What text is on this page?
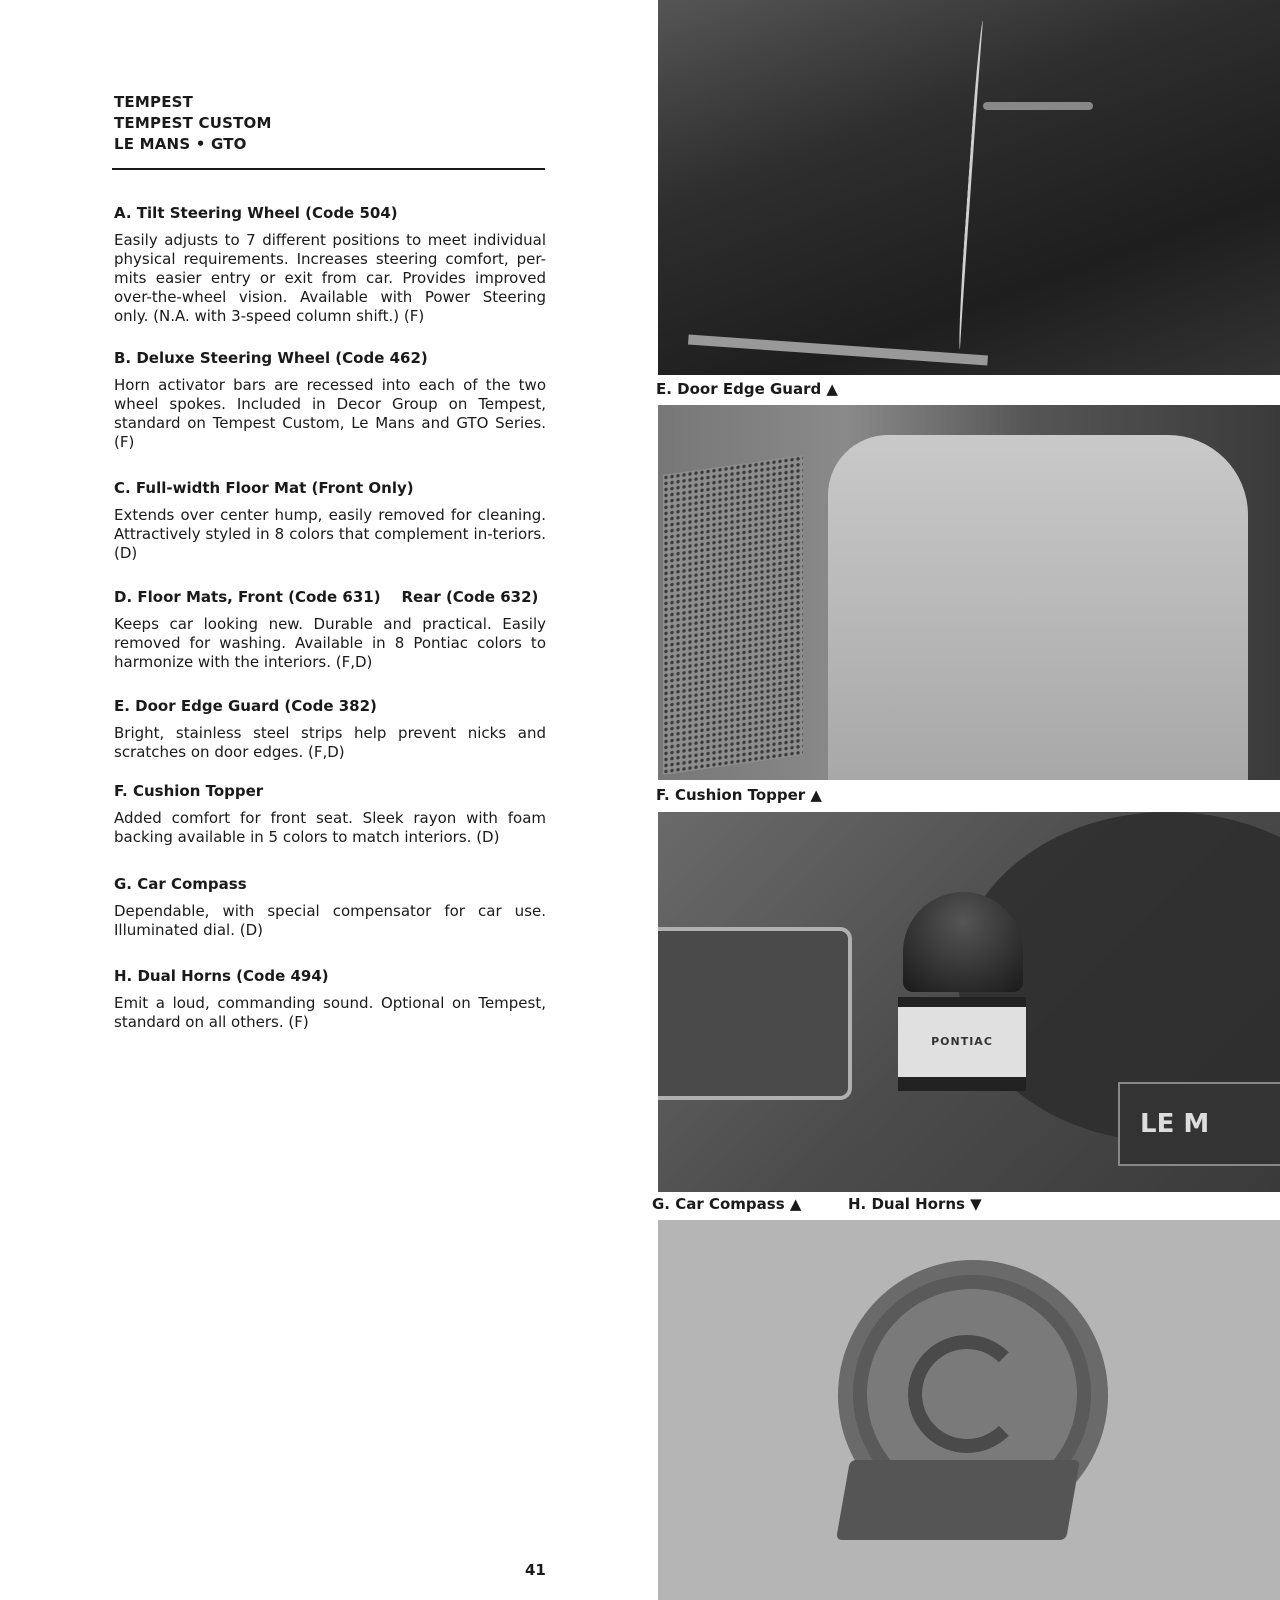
TEMPEST
TEMPEST CUSTOM
LE MANS • GTO
A. Tilt Steering Wheel (Code 504)

Easily adjusts to 7 different positions to meet individual physical requirements. Increases steering comfort, per-mits easier entry or exit from car. Provides improved over-the-wheel vision. Available with Power Steering only. (N.A. with 3-speed column shift.) (F)

B. Deluxe Steering Wheel (Code 462)

Horn activator bars are recessed into each of the two wheel spokes. Included in Decor Group on Tempest, standard on Tempest Custom, Le Mans and GTO Series. (F)

C. Full-width Floor Mat (Front Only)

Extends over center hump, easily removed for cleaning. Attractively styled in 8 colors that complement in-teriors. (D)

D. Floor Mats, Front (Code 631)    Rear (Code 632)

Keeps car looking new. Durable and practical. Easily removed for washing. Available in 8 Pontiac colors to harmonize with the interiors. (F,D)

E. Door Edge Guard (Code 382)

Bright, stainless steel strips help prevent nicks and scratches on door edges. (F,D)

F. Cushion Topper

Added comfort for front seat. Sleek rayon with foam backing available in 5 colors to match interiors. (D)

G. Car Compass

Dependable, with special compensator for car use. Illuminated dial. (D)

H. Dual Horns (Code 494)

Emit a loud, commanding sound. Optional on Tempest, standard on all others. (F)

E. Door Edge Guard ▲
F. Cushion Topper ▲
PONTIAC
LE M
G. Car Compass ▲	H. Dual Horns ▼
41
